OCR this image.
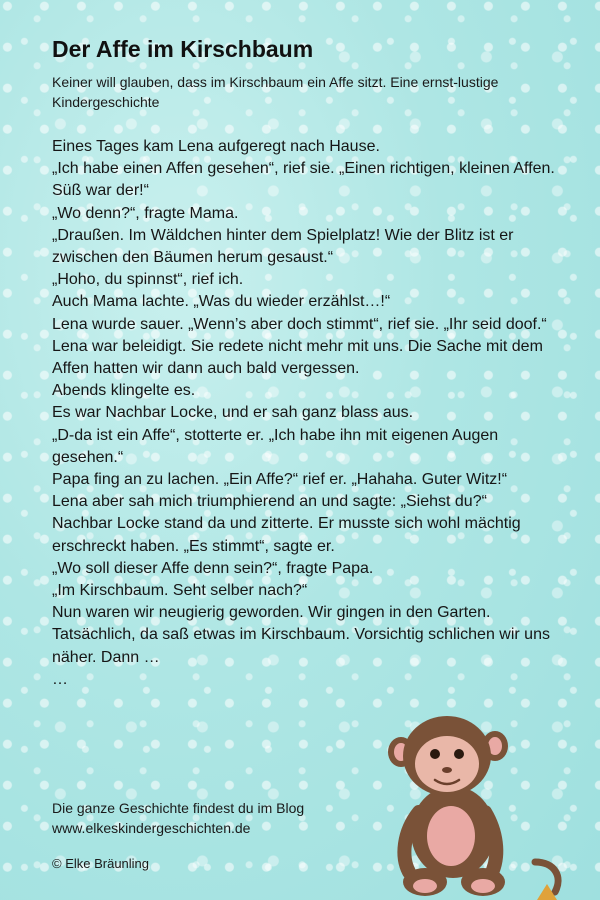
Der Affe im Kirschbaum
Keiner will glauben, dass im Kirschbaum ein Affe sitzt. Eine ernst-lustige Kindergeschichte

Eines Tages kam Lena aufgeregt nach Hause.

„Ich habe einen Affen gesehen“, rief sie. „Einen richtigen, kleinen Affen. Süß war der!“

„Wo denn?“, fragte Mama.

„Draußen. Im Wäldchen hinter dem Spielplatz! Wie der Blitz ist er zwischen den Bäumen herum gesaust.“

„Hoho, du spinnst“, rief ich.

Auch Mama lachte. „Was du wieder erzählst…!“

Lena wurde sauer. „Wenn’s aber doch stimmt“, rief sie. „Ihr seid doof.“

Lena war beleidigt. Sie redete nicht mehr mit uns. Die Sache mit dem Affen hatten wir dann auch bald vergessen.

Abends klingelte es.

Es war Nachbar Locke, und er sah ganz blass aus.

„D-da ist ein Affe“, stotterte er. „Ich habe ihn mit eigenen Augen gesehen.“

Papa fing an zu lachen. „Ein Affe?“ rief er. „Hahaha. Guter Witz!“

Lena aber sah mich triumphierend an und sagte: „Siehst du?“

Nachbar Locke stand da und zitterte. Er musste sich wohl mächtig erschreckt haben. „Es stimmt“, sagte er.

„Wo soll dieser Affe denn sein?“, fragte Papa.

„Im Kirschbaum. Seht selber nach?“

Nun waren wir neugierig geworden. Wir gingen in den Garten. Tatsächlich, da saß etwas im Kirschbaum. Vorsichtig schlichen wir uns näher. Dann …

…

Die ganze Geschichte findest du im Blog

www.elkeskindergeschichten.de

© Elke Bräunling
